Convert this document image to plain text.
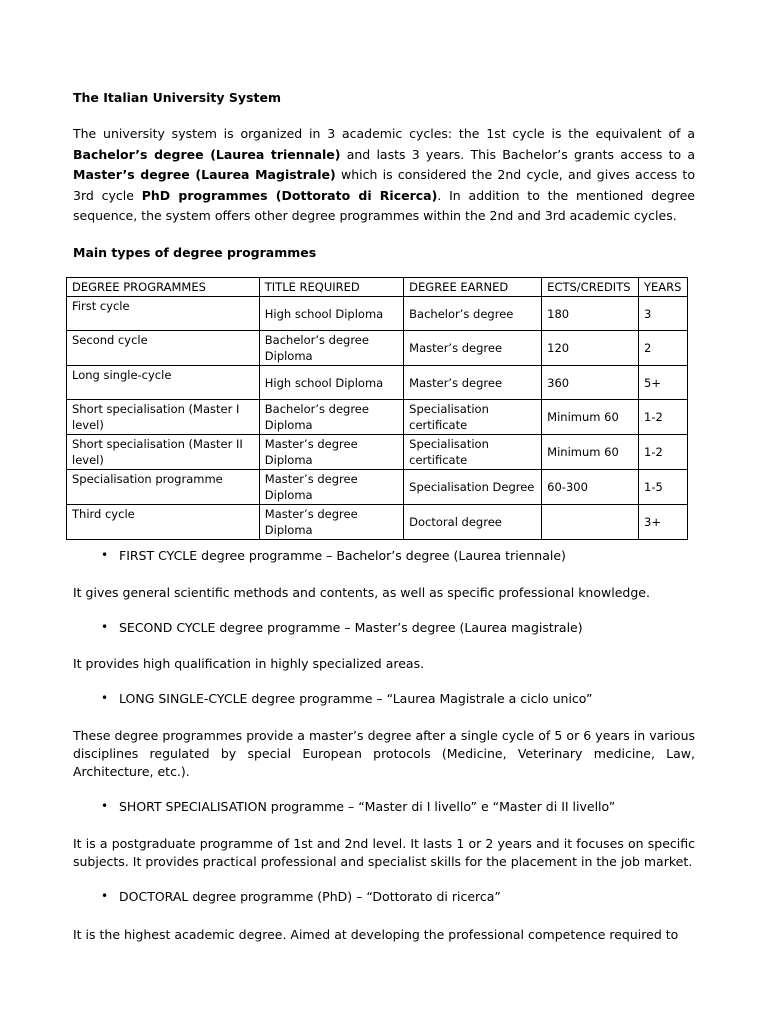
The Italian University System
The university system is organized in 3 academic cycles: the 1st cycle is the equivalent of a Bachelor’s degree (Laurea triennale) and lasts 3 years. This Bachelor’s grants access to a Master’s degree (Laurea Magistrale) which is considered the 2nd cycle, and gives access to 3rd cycle PhD programmes (Dottorato di Ricerca). In addition to the mentioned degree sequence, the system offers other degree programmes within the 2nd and 3rd academic cycles.
Main types of degree programmes
DEGREE PROGRAMMES	TITLE REQUIRED	DEGREE EARNED	ECTS/CREDITS	YEARS
First cycle	High school Diploma	Bachelor’s degree	180	3
Second cycle	Bachelor’s degree Diploma	Master’s degree	120	2
Long single-cycle	High school Diploma	Master’s degree	360	5+
Short specialisation (Master I level)	Bachelor’s degree Diploma	Specialisation certificate	Minimum 60	1-2
Short specialisation (Master II level)	Master’s degree Diploma	Specialisation certificate	Minimum 60	1-2
Specialisation programme	Master’s degree Diploma	Specialisation Degree	60-300	1-5
Third cycle	Master’s degree Diploma	Doctoral degree		3+
• FIRST CYCLE degree programme – Bachelor’s degree (Laurea triennale)
It gives general scientific methods and contents, as well as specific professional knowledge.
• SECOND CYCLE degree programme – Master’s degree (Laurea magistrale)
It provides high qualification in highly specialized areas.
• LONG SINGLE-CYCLE degree programme – “Laurea Magistrale a ciclo unico”
These degree programmes provide a master’s degree after a single cycle of 5 or 6 years in various disciplines regulated by special European protocols (Medicine, Veterinary medicine, Law, Architecture, etc.).
• SHORT SPECIALISATION programme – “Master di I livello” e “Master di II livello”
It is a postgraduate programme of 1st and 2nd level. It lasts 1 or 2 years and it focuses on specific subjects. It provides practical professional and specialist skills for the placement in the job market.
• DOCTORAL degree programme (PhD) – “Dottorato di ricerca”
It is the highest academic degree. Aimed at developing the professional competence required to
